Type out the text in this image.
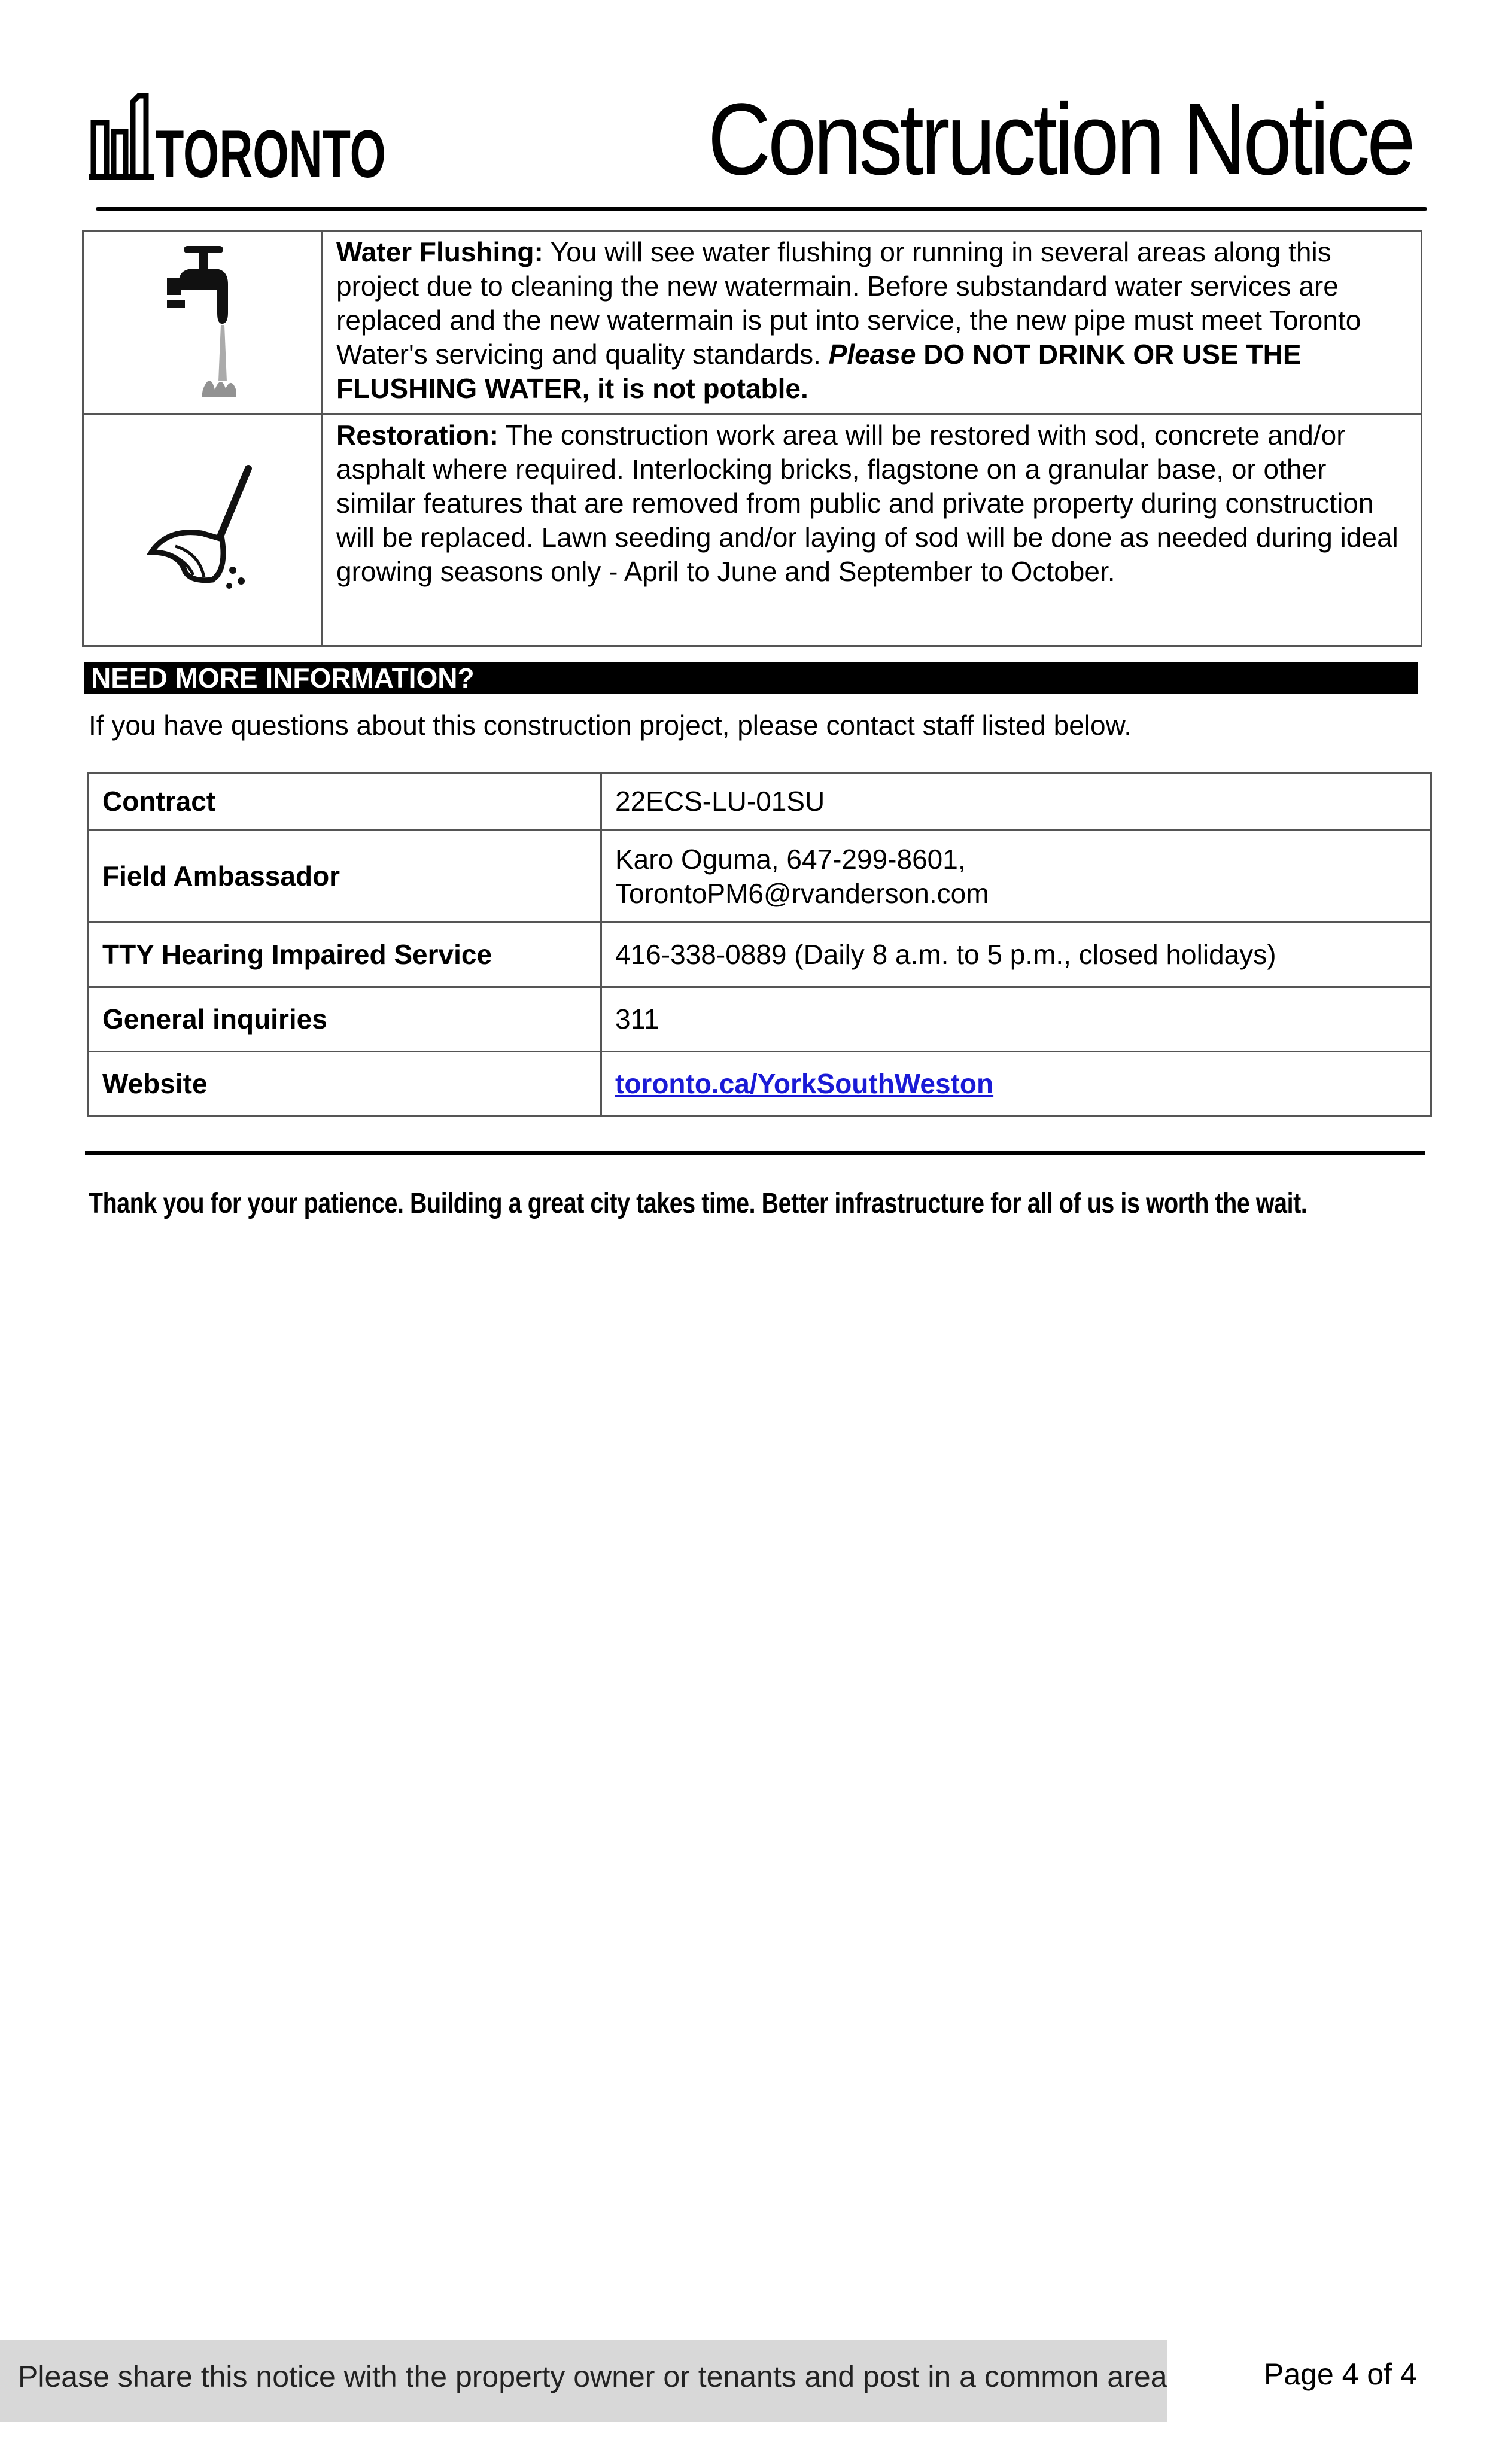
TORONTO	Construction Notice
	Water Flushing: You will see water flushing or running in several areas along this project due to cleaning the new watermain. Before substandard water services are replaced and the new watermain is put into service, the new pipe must meet Toronto Water's servicing and quality standards. Please DO NOT DRINK OR USE THE FLUSHING WATER, it is not potable.
	Restoration: The construction work area will be restored with sod, concrete and/or asphalt where required. Interlocking bricks, flagstone on a granular base, or other similar features that are removed from public and private property during construction will be replaced. Lawn seeding and/or laying of sod will be done as needed during ideal growing seasons only - April to June and September to October.
NEED MORE INFORMATION?
If you have questions about this construction project, please contact staff listed below.
Contract	22ECS-LU-01SU
Field Ambassador	Karo Oguma, 647-299-8601,
TorontoPM6@rvanderson.com

TTY Hearing Impaired Service	416-338-0889 (Daily 8 a.m. to 5 p.m., closed holidays)
General inquiries	311
Website	toronto.ca/YorkSouthWeston
Thank you for your patience. Building a great city takes time. Better infrastructure for all of us is worth the wait.
Please share this notice with the property owner or tenants and post in a common area	Page 4 of 4
